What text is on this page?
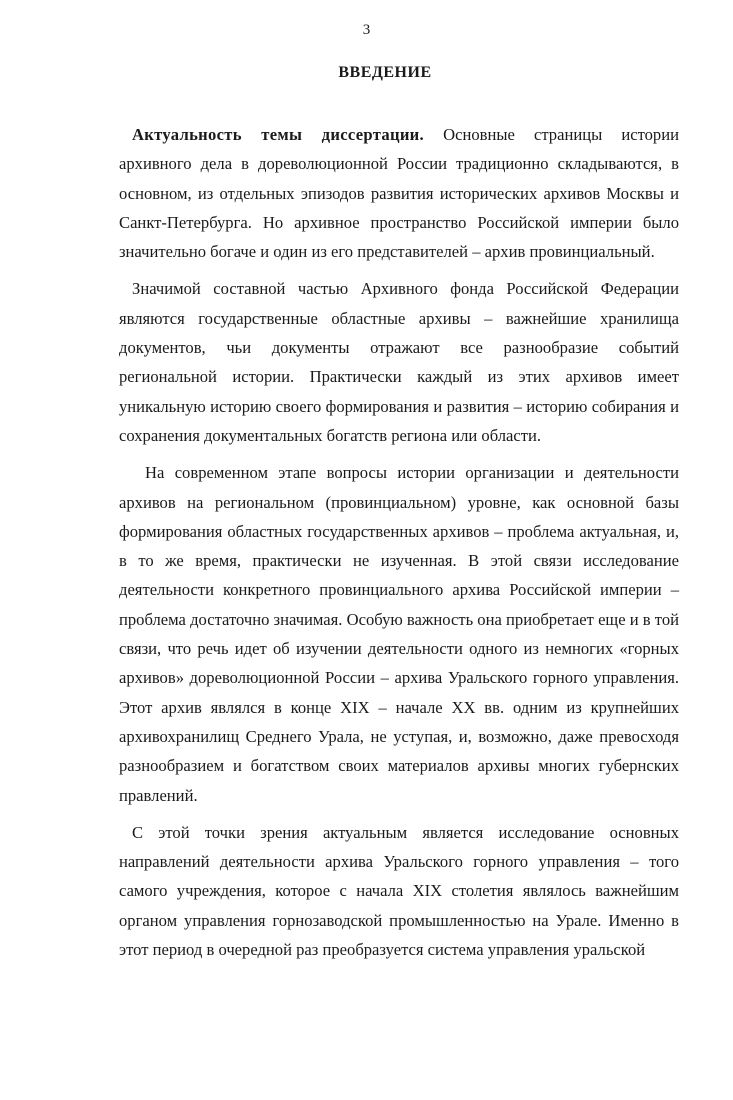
3
ВВЕДЕНИЕ

Актуальность темы диссертации. Основные страницы истории архивного дела в дореволюционной России традиционно складываются, в основном, из отдельных эпизодов развития исторических архивов Москвы и Санкт-Петербурга. Но архивное пространство Российской империи было значительно богаче и один из его представителей – архив провинциальный.

Значимой составной частью Архивного фонда Российской Федерации являются государственные областные архивы – важнейшие хранилища документов, чьи документы отражают все разнообразие событий региональной истории. Практически каждый из этих архивов имеет уникальную историю своего формирования и развития – историю собирания и сохранения документальных богатств региона или области.

На современном этапе вопросы истории организации и деятельности архивов на региональном (провинциальном) уровне, как основной базы формирования областных государственных архивов – проблема актуальная, и, в то же время, практически не изученная. В этой связи исследование деятельности конкретного провинциального архива Российской империи – проблема достаточно значимая. Особую важность она приобретает еще и в той связи, что речь идет об изучении деятельности одного из немногих «горных архивов» дореволюционной России – архива Уральского горного управления. Этот архив являлся в конце XIX – начале XX вв. одним из крупнейших архивохранилищ Среднего Урала, не уступая, и, возможно, даже превосходя разнообразием и богатством своих материалов архивы многих губернских правлений.

С этой точки зрения актуальным является исследование основных направлений деятельности архива Уральского горного управления – того самого учреждения, которое с начала XIX столетия являлось важнейшим органом управления горнозаводской промышленностью на Урале. Именно в этот период в очередной раз преобразуется система управления уральской
